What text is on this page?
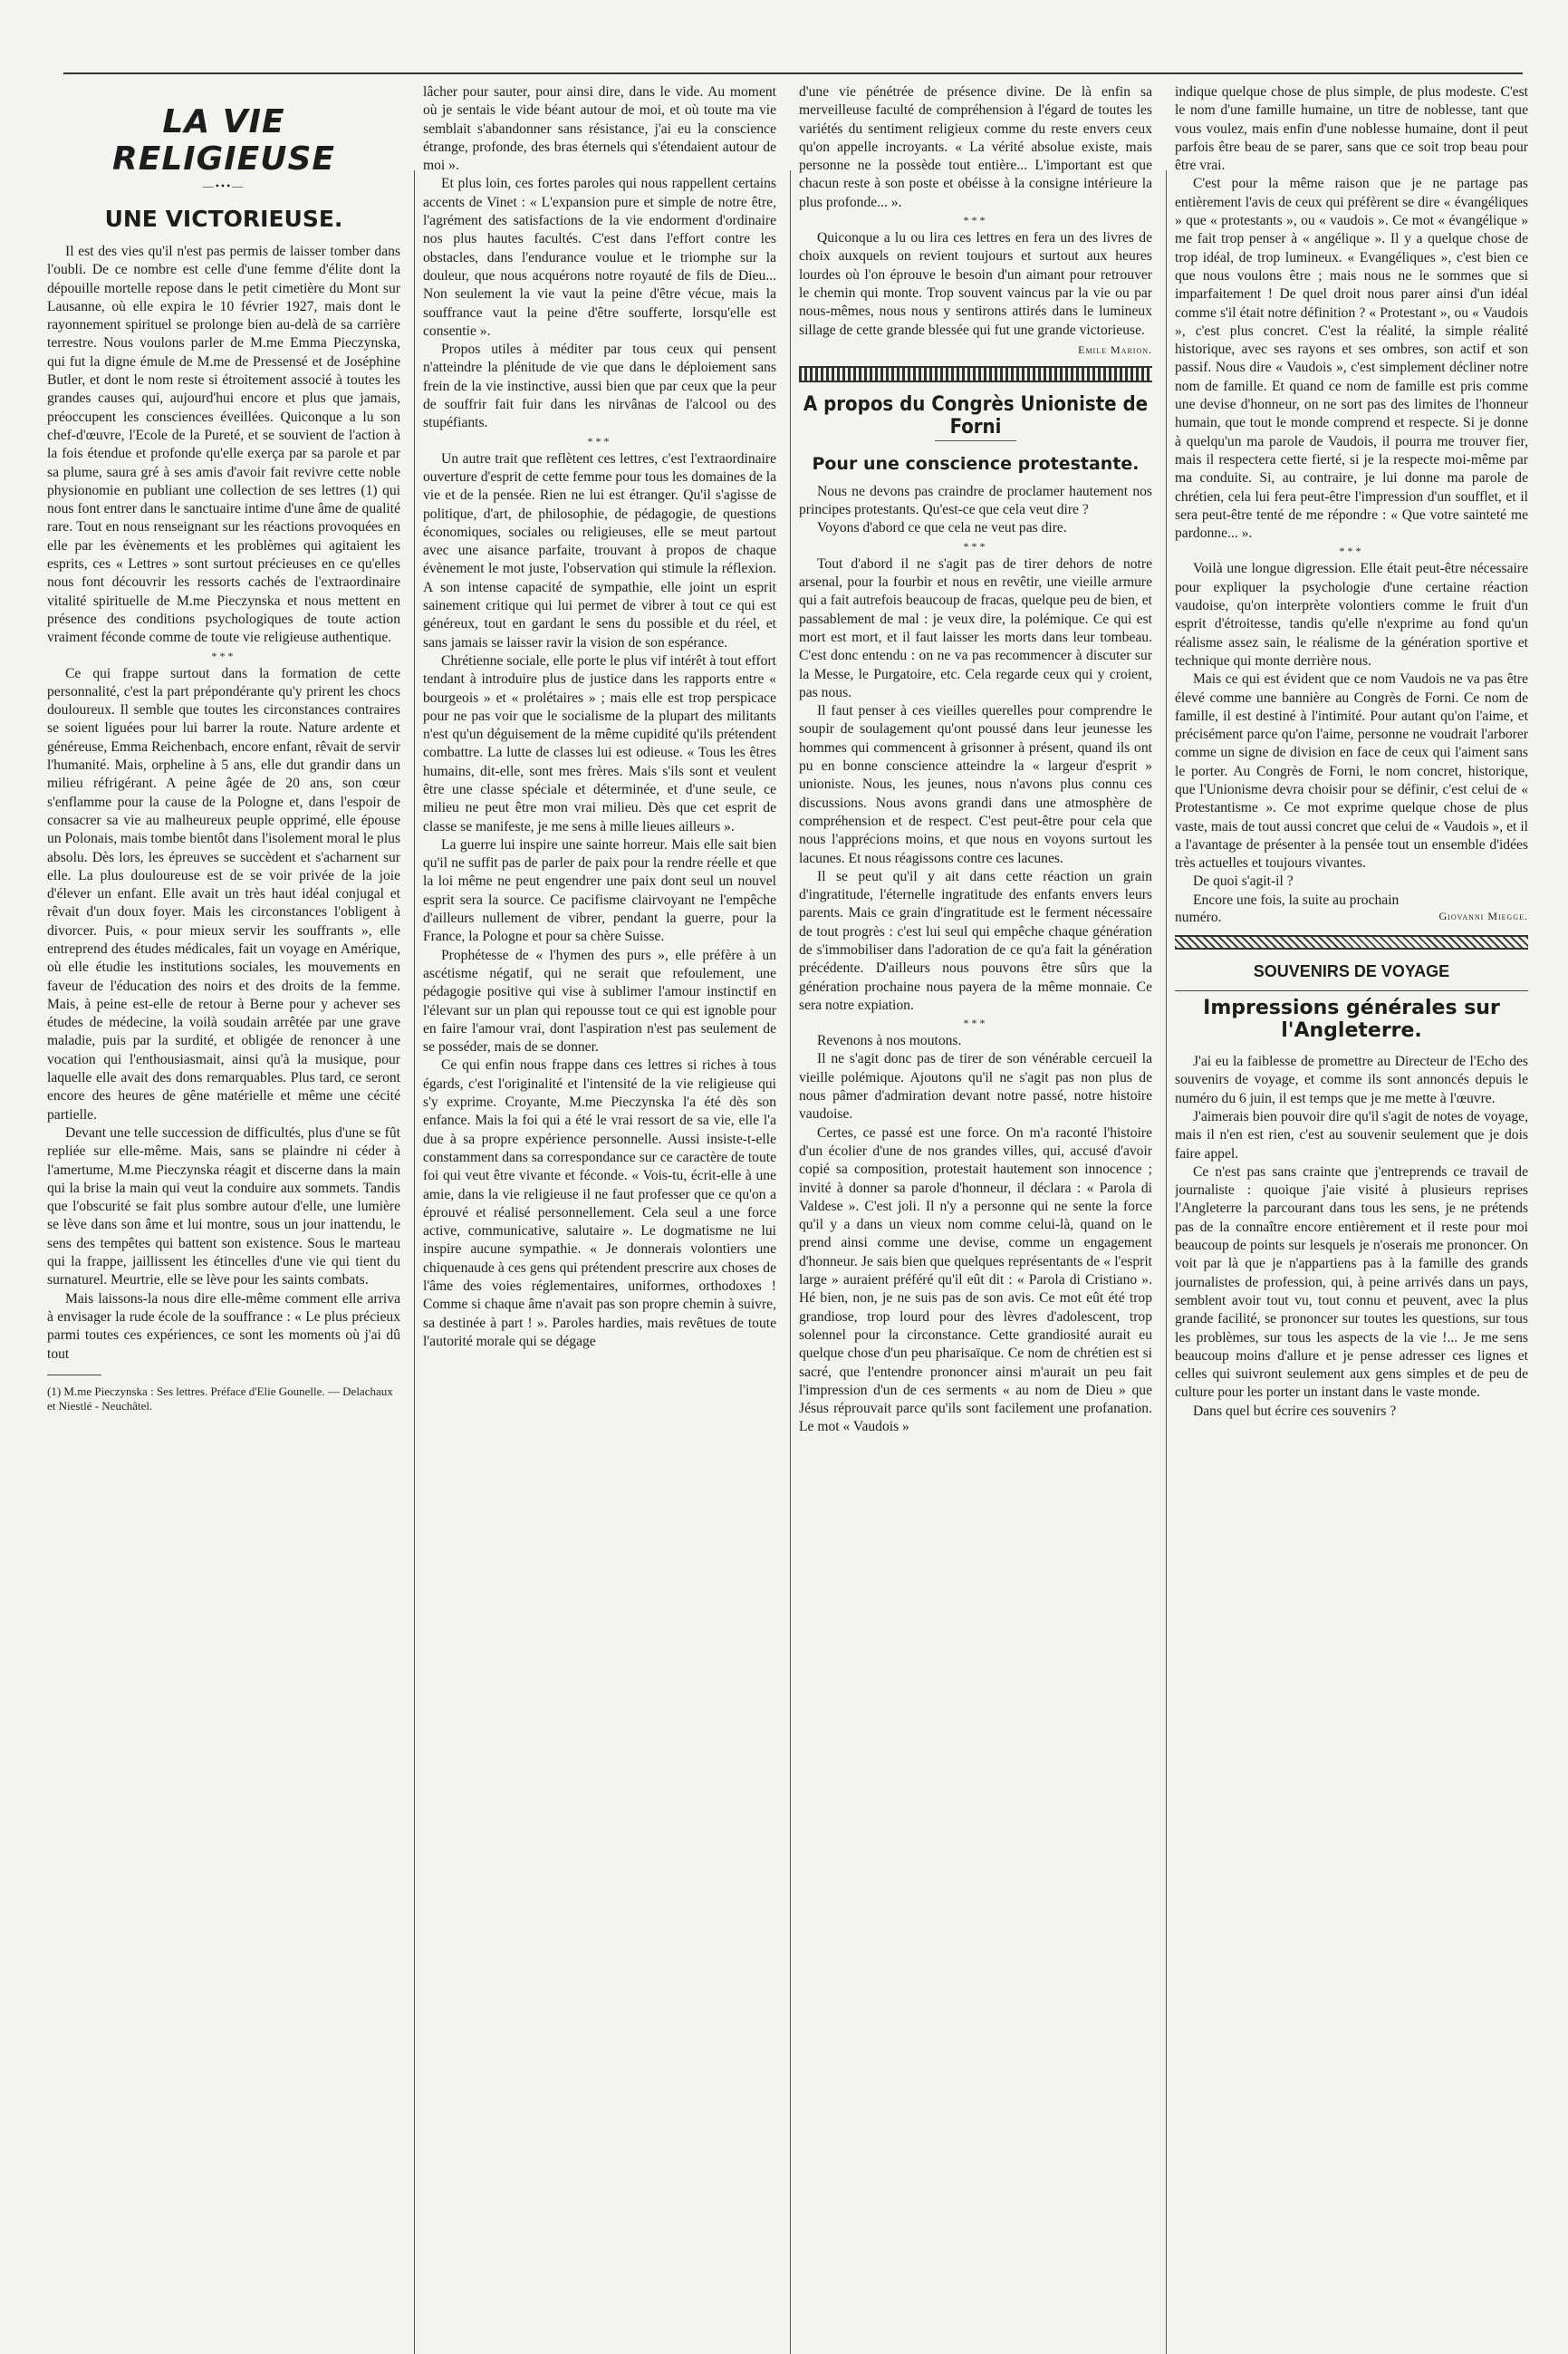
LA VIE RELIGIEUSE
—•••—
UNE VICTORIEUSE.

Il est des vies qu'il n'est pas permis de laisser tomber dans l'oubli. De ce nombre est celle d'une femme d'élite dont la dépouille mortelle repose dans le petit cimetière du Mont sur Lausanne, où elle expira le 10 février 1927, mais dont le rayonnement spirituel se prolonge bien au-delà de sa carrière terrestre. Nous voulons parler de M.me Emma Pieczynska, qui fut la digne émule de M.me de Pressensé et de Joséphine Butler, et dont le nom reste si étroitement associé à toutes les grandes causes qui, aujourd'hui encore et plus que jamais, préoccupent les consciences éveillées. Quiconque a lu son chef-d'œuvre, l'Ecole de la Pureté, et se souvient de l'action à la fois étendue et profonde qu'elle exerça par sa parole et par sa plume, saura gré à ses amis d'avoir fait revivre cette noble physionomie en publiant une collection de ses lettres (1) qui nous font entrer dans le sanctuaire intime d'une âme de qualité rare. Tout en nous renseignant sur les réactions provoquées en elle par les évènements et les problèmes qui agitaient les esprits, ces « Lettres » sont surtout précieuses en ce qu'elles nous font découvrir les ressorts cachés de l'extraordinaire vitalité spirituelle de M.me Pieczynska et nous mettent en présence des conditions psychologiques de toute action vraiment féconde comme de toute vie religieuse authentique.

***

Ce qui frappe surtout dans la formation de cette personnalité, c'est la part prépondérante qu'y prirent les chocs douloureux. Il semble que toutes les circonstances contraires se soient liguées pour lui barrer la route. Nature ardente et généreuse, Emma Reichenbach, encore enfant, rêvait de servir l'humanité. Mais, orpheline à 5 ans, elle dut grandir dans un milieu réfrigérant. A peine âgée de 20 ans, son cœur s'enflamme pour la cause de la Pologne et, dans l'espoir de consacrer sa vie au malheureux peuple opprimé, elle épouse un Polonais, mais tombe bientôt dans l'isolement moral le plus absolu. Dès lors, les épreuves se succèdent et s'acharnent sur elle. La plus douloureuse est de se voir privée de la joie d'élever un enfant. Elle avait un très haut idéal conjugal et rêvait d'un doux foyer. Mais les circonstances l'obligent à divorcer. Puis, « pour mieux servir les souffrants », elle entreprend des études médicales, fait un voyage en Amérique, où elle étudie les institutions sociales, les mouvements en faveur de l'éducation des noirs et des droits de la femme. Mais, à peine est-elle de retour à Berne pour y achever ses études de médecine, la voilà soudain arrêtée par une grave maladie, puis par la surdité, et obligée de renoncer à une vocation qui l'enthousiasmait, ainsi qu'à la musique, pour laquelle elle avait des dons remarquables. Plus tard, ce seront encore des heures de gêne matérielle et même une cécité partielle.

Devant une telle succession de difficultés, plus d'une se fût repliée sur elle-même. Mais, sans se plaindre ni céder à l'amertume, M.me Pieczynska réagit et discerne dans la main qui la brise la main qui veut la conduire aux sommets. Tandis que l'obscurité se fait plus sombre autour d'elle, une lumière se lève dans son âme et lui montre, sous un jour inattendu, le sens des tempêtes qui battent son existence. Sous le marteau qui la frappe, jaillissent les étincelles d'une vie qui tient du surnaturel. Meurtrie, elle se lève pour les saints combats.

Mais laissons-la nous dire elle-même comment elle arriva à envisager la rude école de la souffrance : « Le plus précieux parmi toutes ces expériences, ce sont les moments où j'ai dû tout

(1) M.me Pieczynska : Ses lettres. Préface d'Elie Gounelle. — Delachaux et Niestlé - Neuchâtel.

lâcher pour sauter, pour ainsi dire, dans le vide. Au moment où je sentais le vide béant autour de moi, et où toute ma vie semblait s'abandonner sans résistance, j'ai eu la conscience étrange, profonde, des bras éternels qui s'étendaient autour de moi ».

Et plus loin, ces fortes paroles qui nous rappellent certains accents de Vinet : « L'expansion pure et simple de notre être, l'agrément des satisfactions de la vie endorment d'ordinaire nos plus hautes facultés. C'est dans l'effort contre les obstacles, dans l'endurance voulue et le triomphe sur la douleur, que nous acquérons notre royauté de fils de Dieu... Non seulement la vie vaut la peine d'être vécue, mais la souffrance vaut la peine d'être soufferte, lorsqu'elle est consentie ».

Propos utiles à méditer par tous ceux qui pensent n'atteindre la plénitude de vie que dans le déploiement sans frein de la vie instinctive, aussi bien que par ceux que la peur de souffrir fait fuir dans les nirvânas de l'alcool ou des stupéfiants.

***

Un autre trait que reflètent ces lettres, c'est l'extraordinaire ouverture d'esprit de cette femme pour tous les domaines de la vie et de la pensée. Rien ne lui est étranger. Qu'il s'agisse de politique, d'art, de philosophie, de pédagogie, de questions économiques, sociales ou religieuses, elle se meut partout avec une aisance parfaite, trouvant à propos de chaque évènement le mot juste, l'observation qui stimule la réflexion. A son intense capacité de sympathie, elle joint un esprit sainement critique qui lui permet de vibrer à tout ce qui est généreux, tout en gardant le sens du possible et du réel, et sans jamais se laisser ravir la vision de son espérance.

Chrétienne sociale, elle porte le plus vif intérêt à tout effort tendant à introduire plus de justice dans les rapports entre « bourgeois » et « prolétaires » ; mais elle est trop perspicace pour ne pas voir que le socialisme de la plupart des militants n'est qu'un déguisement de la même cupidité qu'ils prétendent combattre. La lutte de classes lui est odieuse. « Tous les êtres humains, dit-elle, sont mes frères. Mais s'ils sont et veulent être une classe spéciale et déterminée, et d'une seule, ce milieu ne peut être mon vrai milieu. Dès que cet esprit de classe se manifeste, je me sens à mille lieues ailleurs ».

La guerre lui inspire une sainte horreur. Mais elle sait bien qu'il ne suffit pas de parler de paix pour la rendre réelle et que la loi même ne peut engendrer une paix dont seul un nouvel esprit sera la source. Ce pacifisme clairvoyant ne l'empêche d'ailleurs nullement de vibrer, pendant la guerre, pour la France, la Pologne et pour sa chère Suisse.

Prophétesse de « l'hymen des purs », elle préfère à un ascétisme négatif, qui ne serait que refoulement, une pédagogie positive qui vise à sublimer l'amour instinctif en l'élevant sur un plan qui repousse tout ce qui est ignoble pour en faire l'amour vrai, dont l'aspiration n'est pas seulement de se posséder, mais de se donner.

Ce qui enfin nous frappe dans ces lettres si riches à tous égards, c'est l'originalité et l'intensité de la vie religieuse qui s'y exprime. Croyante, M.me Pieczynska l'a été dès son enfance. Mais la foi qui a été le vrai ressort de sa vie, elle l'a due à sa propre expérience personnelle. Aussi insiste-t-elle constamment dans sa correspondance sur ce caractère de toute foi qui veut être vivante et féconde. « Vois-tu, écrit-elle à une amie, dans la vie religieuse il ne faut professer que ce qu'on a éprouvé et réalisé personnellement. Cela seul a une force active, communicative, salutaire ». Le dogmatisme ne lui inspire aucune sympathie. « Je donnerais volontiers une chiquenaude à ces gens qui prétendent prescrire aux choses de l'âme des voies réglementaires, uniformes, orthodoxes ! Comme si chaque âme n'avait pas son propre chemin à suivre, sa destinée à part ! ». Paroles hardies, mais revêtues de toute l'autorité morale qui se dégage

d'une vie pénétrée de présence divine. De là enfin sa merveilleuse faculté de compréhension à l'égard de toutes les variétés du sentiment religieux comme du reste envers ceux qu'on appelle incroyants. « La vérité absolue existe, mais personne ne la possède tout entière... L'important est que chacun reste à son poste et obéisse à la consigne intérieure la plus profonde... ».

***

Quiconque a lu ou lira ces lettres en fera un des livres de choix auxquels on revient toujours et surtout aux heures lourdes où l'on éprouve le besoin d'un aimant pour retrouver le chemin qui monte. Trop souvent vaincus par la vie ou par nous-mêmes, nous nous y sentirons attirés dans le lumineux sillage de cette grande blessée qui fut une grande victorieuse.

Emile Marion.
A propos du Congrès Unioniste de Forni
Pour une conscience protestante.

Nous ne devons pas craindre de proclamer hautement nos principes protestants. Qu'est-ce que cela veut dire ?

Voyons d'abord ce que cela ne veut pas dire.

***

Tout d'abord il ne s'agit pas de tirer dehors de notre arsenal, pour la fourbir et nous en revêtir, une vieille armure qui a fait autrefois beaucoup de fracas, quelque peu de bien, et passablement de mal : je veux dire, la polémique. Ce qui est mort est mort, et il faut laisser les morts dans leur tombeau. C'est donc entendu : on ne va pas recommencer à discuter sur la Messe, le Purgatoire, etc. Cela regarde ceux qui y croient, pas nous.

Il faut penser à ces vieilles querelles pour comprendre le soupir de soulagement qu'ont poussé dans leur jeunesse les hommes qui commencent à grisonner à présent, quand ils ont pu en bonne conscience atteindre la « largeur d'esprit » unioniste. Nous, les jeunes, nous n'avons plus connu ces discussions. Nous avons grandi dans une atmosphère de compréhension et de respect. C'est peut-être pour cela que nous l'apprécions moins, et que nous en voyons surtout les lacunes. Et nous réagissons contre ces lacunes.

Il se peut qu'il y ait dans cette réaction un grain d'ingratitude, l'éternelle ingratitude des enfants envers leurs parents. Mais ce grain d'ingratitude est le ferment nécessaire de tout progrès : c'est lui seul qui empêche chaque génération de s'immobiliser dans l'adoration de ce qu'a fait la génération précédente. D'ailleurs nous pouvons être sûrs que la génération prochaine nous payera de la même monnaie. Ce sera notre expiation.

***

Revenons à nos moutons.

Il ne s'agit donc pas de tirer de son vénérable cercueil la vieille polémique. Ajoutons qu'il ne s'agit pas non plus de nous pâmer d'admiration devant notre passé, notre histoire vaudoise.

Certes, ce passé est une force. On m'a raconté l'histoire d'un écolier d'une de nos grandes villes, qui, accusé d'avoir copié sa composition, protestait hautement son innocence ; invité à donner sa parole d'honneur, il déclara : « Parola di Valdese ». C'est joli. Il n'y a personne qui ne sente la force qu'il y a dans un vieux nom comme celui-là, quand on le prend ainsi comme une devise, comme un engagement d'honneur. Je sais bien que quelques représentants de « l'esprit large » auraient préféré qu'il eût dit : « Parola di Cristiano ». Hé bien, non, je ne suis pas de son avis. Ce mot eût été trop grandiose, trop lourd pour des lèvres d'adolescent, trop solennel pour la circonstance. Cette grandiosité aurait eu quelque chose d'un peu pharisaïque. Ce nom de chrétien est si sacré, que l'entendre prononcer ainsi m'aurait un peu fait l'impression d'un de ces serments « au nom de Dieu » que Jésus réprouvait parce qu'ils sont facilement une profanation. Le mot « Vaudois »

indique quelque chose de plus simple, de plus modeste. C'est le nom d'une famille humaine, un titre de noblesse, tant que vous voulez, mais enfin d'une noblesse humaine, dont il peut parfois être beau de se parer, sans que ce soit trop beau pour être vrai.

C'est pour la même raison que je ne partage pas entièrement l'avis de ceux qui préfèrent se dire « évangéliques » que « protestants », ou « vaudois ». Ce mot « évangélique » me fait trop penser à « angélique ». Il y a quelque chose de trop idéal, de trop lumineux. « Evangéliques », c'est bien ce que nous voulons être ; mais nous ne le sommes que si imparfaitement ! De quel droit nous parer ainsi d'un idéal comme s'il était notre définition ? « Protestant », ou « Vaudois », c'est plus concret. C'est la réalité, la simple réalité historique, avec ses rayons et ses ombres, son actif et son passif. Nous dire « Vaudois », c'est simplement décliner notre nom de famille. Et quand ce nom de famille est pris comme une devise d'honneur, on ne sort pas des limites de l'honneur humain, que tout le monde comprend et respecte. Si je donne à quelqu'un ma parole de Vaudois, il pourra me trouver fier, mais il respectera cette fierté, si je la respecte moi-même par ma conduite. Si, au contraire, je lui donne ma parole de chrétien, cela lui fera peut-être l'impression d'un soufflet, et il sera peut-être tenté de me répondre : « Que votre sainteté me pardonne... ».

***

Voilà une longue digression. Elle était peut-être nécessaire pour expliquer la psychologie d'une certaine réaction vaudoise, qu'on interprète volontiers comme le fruit d'un esprit d'étroitesse, tandis qu'elle n'exprime au fond qu'un réalisme assez sain, le réalisme de la génération sportive et technique qui monte derrière nous.

Mais ce qui est évident que ce nom Vaudois ne va pas être élevé comme une bannière au Congrès de Forni. Ce nom de famille, il est destiné à l'intimité. Pour autant qu'on l'aime, et précisément parce qu'on l'aime, personne ne voudrait l'arborer comme un signe de division en face de ceux qui l'aiment sans le porter. Au Congrès de Forni, le nom concret, historique, que l'Unionisme devra choisir pour se définir, c'est celui de « Protestantisme ». Ce mot exprime quelque chose de plus vaste, mais de tout aussi concret que celui de « Vaudois », et il a l'avantage de présenter à la pensée tout un ensemble d'idées très actuelles et toujours vivantes.

De quoi s'agit-il ?

Encore une fois, la suite au prochain

numéro.	Giovanni Miegge.
SOUVENIRS DE VOYAGE
Impressions générales sur l'Angleterre.

J'ai eu la faiblesse de promettre au Directeur de l'Echo des souvenirs de voyage, et comme ils sont annoncés depuis le numéro du 6 juin, il est temps que je me mette à l'œuvre.

J'aimerais bien pouvoir dire qu'il s'agit de notes de voyage, mais il n'en est rien, c'est au souvenir seulement que je dois faire appel.

Ce n'est pas sans crainte que j'entreprends ce travail de journaliste : quoique j'aie visité à plusieurs reprises l'Angleterre la parcourant dans tous les sens, je ne prétends pas de la connaître encore entièrement et il reste pour moi beaucoup de points sur lesquels je n'oserais me prononcer. On voit par là que je n'appartiens pas à la famille des grands journalistes de profession, qui, à peine arrivés dans un pays, semblent avoir tout vu, tout connu et peuvent, avec la plus grande facilité, se prononcer sur toutes les questions, sur tous les problèmes, sur tous les aspects de la vie !... Je me sens beaucoup moins d'allure et je pense adresser ces lignes et celles qui suivront seulement aux gens simples et de peu de culture pour les porter un instant dans le vaste monde.

Dans quel but écrire ces souvenirs ?
